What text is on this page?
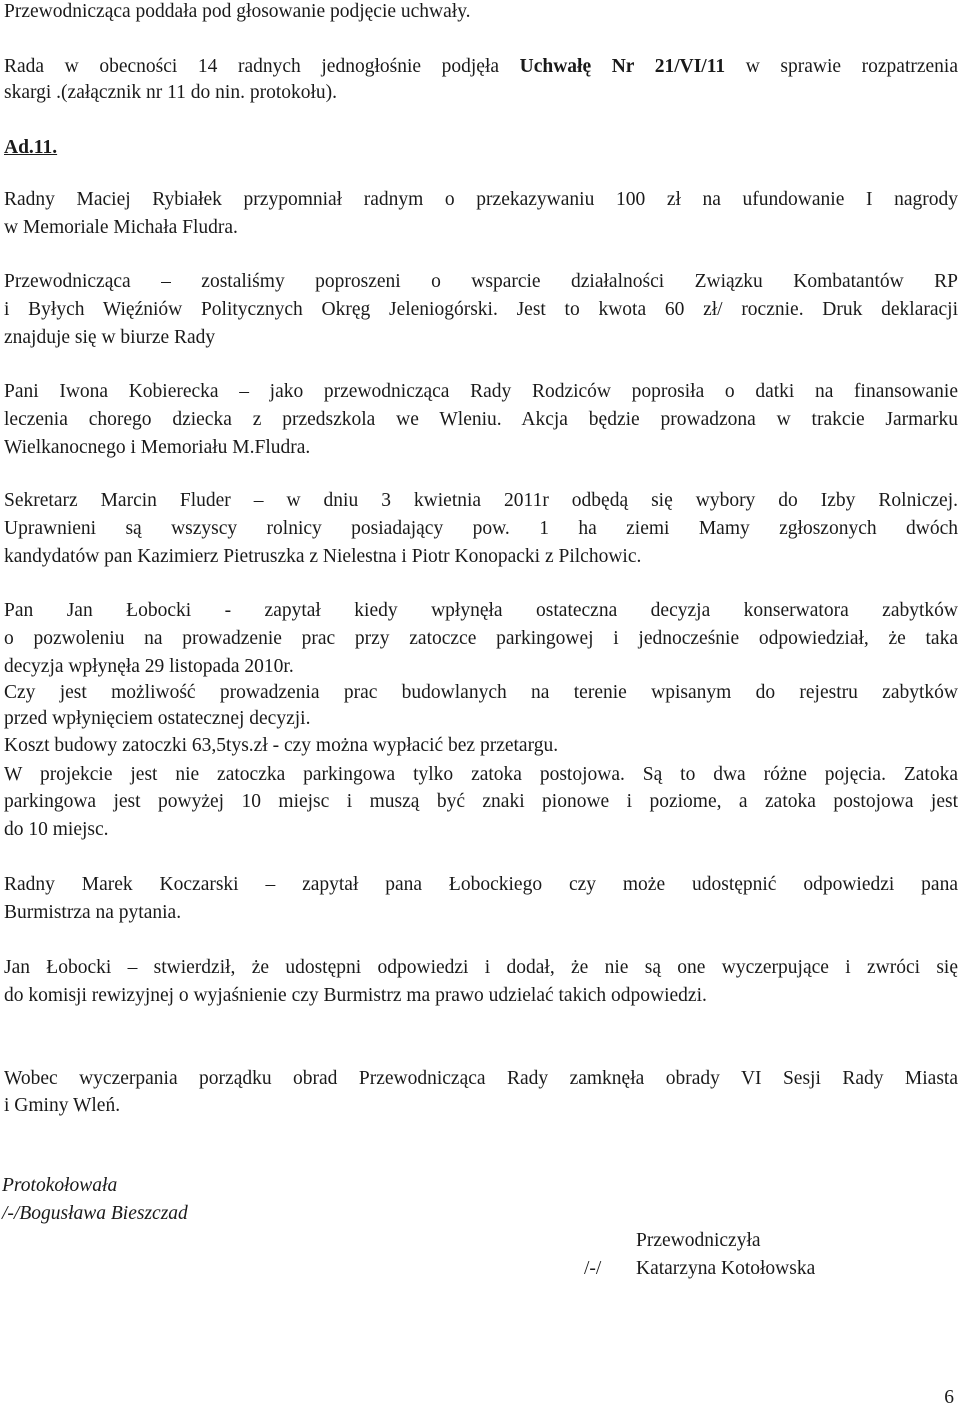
Przewodnicząca poddała pod głosowanie podjęcie uchwały.
Rada w obecności 14 radnych jednogłośnie podjęła Uchwałę Nr 21/VI/11 w sprawie rozpatrzenia
skargi .(załącznik nr 11 do nin. protokołu).
Ad.11.
Radny Maciej Rybiałek przypomniał radnym o przekazywaniu 100 zł na ufundowanie I nagrody
w Memoriale Michała Fludra.
Przewodnicząca – zostaliśmy poproszeni o wsparcie działalności Związku Kombatantów RP
i Byłych Więźniów Politycznych Okręg Jeleniogórski. Jest to kwota 60 zł/ rocznie. Druk deklaracji
znajduje się w biurze Rady
Pani Iwona Kobierecka – jako przewodnicząca Rady Rodziców poprosiła o datki na finansowanie
leczenia chorego dziecka z przedszkola we Wleniu. Akcja będzie prowadzona w trakcie Jarmarku
Wielkanocnego i Memoriału M.Fludra.
Sekretarz Marcin Fluder – w dniu 3 kwietnia 2011r odbędą się wybory do Izby Rolniczej.
Uprawnieni są wszyscy rolnicy posiadający pow. 1 ha ziemi Mamy zgłoszonych dwóch
kandydatów pan Kazimierz Pietruszka z Nielestna i Piotr Konopacki z Pilchowic.
Pan Jan Łobocki - zapytał kiedy wpłynęła ostateczna decyzja konserwatora zabytków
o pozwoleniu na prowadzenie prac przy zatoczce parkingowej i jednocześnie odpowiedział, że taka
decyzja wpłynęła 29 listopada 2010r.
Czy jest możliwość prowadzenia prac budowlanych na terenie wpisanym do rejestru zabytków
przed wpłynięciem ostatecznej decyzji.
Koszt budowy zatoczki 63,5tys.zł - czy można wypłacić bez przetargu.
W projekcie jest nie zatoczka parkingowa tylko zatoka postojowa. Są to dwa różne pojęcia. Zatoka
parkingowa jest powyżej 10 miejsc i muszą być znaki pionowe i poziome, a zatoka postojowa jest
do 10 miejsc.
Radny Marek Koczarski – zapytał pana Łobockiego czy może udostępnić odpowiedzi pana
Burmistrza na pytania.
Jan Łobocki – stwierdził, że udostępni odpowiedzi i dodał, że nie są one wyczerpujące i zwróci się
do komisji rewizyjnej o wyjaśnienie czy Burmistrz ma prawo udzielać takich odpowiedzi.
Wobec wyczerpania porządku obrad Przewodnicząca Rady zamknęła obrady VI Sesji Rady Miasta
i Gminy Wleń.
Protokołowała
/-/Bogusława Bieszczad
Przewodniczyła
/-/ Katarzyna Kotołowska
6
